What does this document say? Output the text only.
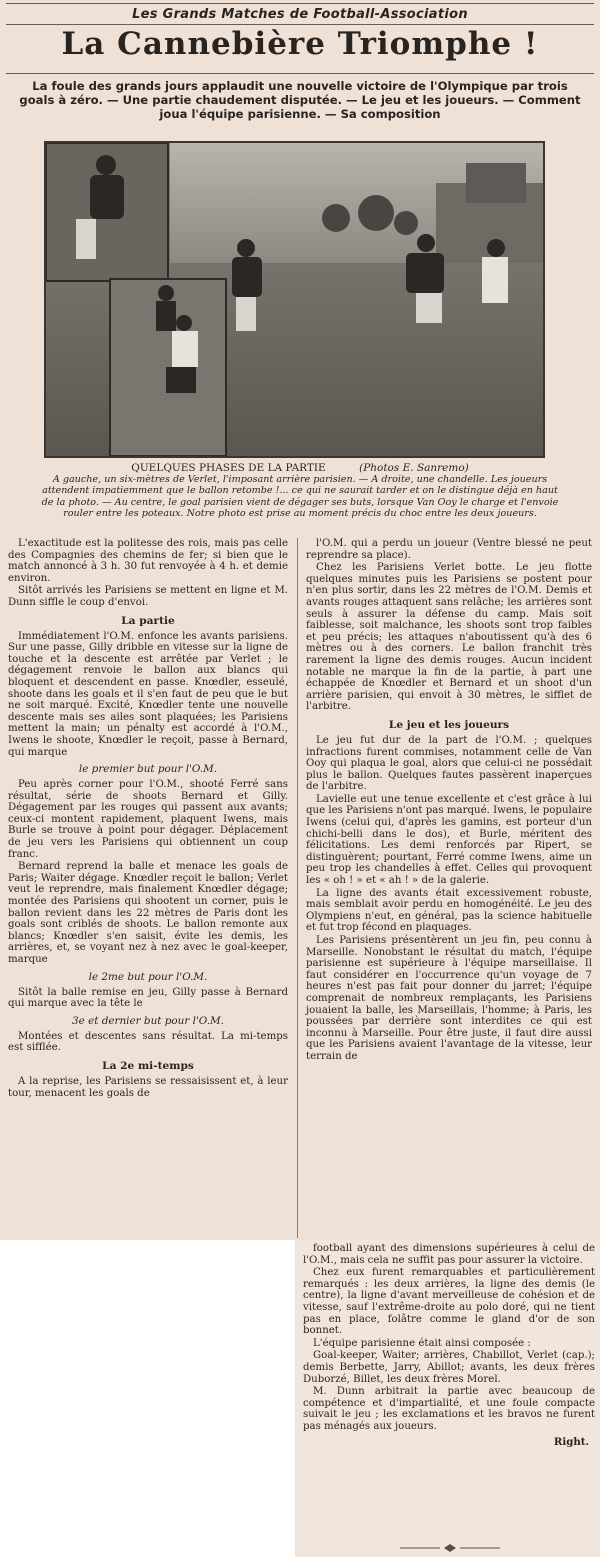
Les Grands Matches de Football-Association
La Cannebière Triomphe !
La foule des grands jours applaudit une nouvelle victoire de l'Olympique par trois goals à zéro. — Une partie chaudement disputée. — Le jeu et les joueurs. — Comment joua l'équipe parisienne. — Sa composition
QUELQUES PHASES DE LA PARTIE	(Photos E. Sanremo)
A gauche, un six-mètres de Verlet, l'imposant arrière parisien. — A droite, une chandelle. Les joueurs attendent impatiemment que le ballon retombe !... ce qui ne saurait tarder et on le distingue déjà en haut de la photo. — Au centre, le goal parisien vient de dégager ses buts, lorsque Van Ooy le charge et l'envoie rouler entre les poteaux. Notre photo est prise au moment précis du choc entre les deux joueurs.

L'exactitude est la politesse des rois, mais pas celle des Compagnies des chemins de fer; si bien que le match annoncé à 3 h. 30 fut renvoyée à 4 h. et demie environ.

Sitôt arrivés les Parisiens se mettent en ligne et M. Dunn siffle le coup d'envoi.

La partie

Immédiatement l'O.M. enfonce les avants parisiens. Sur une passe, Gilly dribble en vitesse sur la ligne de touche et la descente est arrêtée par Verlet ; le dégagement renvoie le ballon aux blancs qui bloquent et descendent en passe. Knœdler, esseulé, shoote dans les goals et il s'en faut de peu que le but ne soit marqué. Excité, Knœdler tente une nouvelle descente mais ses ailes sont plaquées; les Parisiens mettent la main; un pénalty est accordé à l'O.M., Iwens le shoote, Knœdler le reçoit, passe à Bernard, qui marque

le premier but pour l'O.M.

Peu après corner pour l'O.M., shooté Ferré sans résultat, série de shoots Bernard et Gilly. Dégagement par les rouges qui passent aux avants; ceux-ci montent rapidement, plaquent Iwens, mais Burle se trouve à point pour dégager. Déplacement de jeu vers les Parisiens qui obtiennent un coup franc.

Bernard reprend la balle et menace les goals de Paris; Waiter dégage. Knœdler reçoit le ballon; Verlet veut le reprendre, mais finalement Knœdler dégage; montée des Parisiens qui shootent un corner, puis le ballon revient dans les 22 mètres de Paris dont les goals sont criblés de shoots. Le ballon remonte aux blancs; Knœdler s'en saisit, évite les demis, les arrières, et, se voyant nez à nez avec le goal-keeper, marque

le 2me but pour l'O.M.

Sitôt la balle remise en jeu, Gilly passe à Bernard qui marque avec la tête le

3e et dernier but pour l'O.M.

Montées et descentes sans résultat. La mi-temps est sifflée.

La 2e mi-temps

A la reprise, les Parisiens se ressaisissent et, à leur tour, menacent les goals de

l'O.M. qui a perdu un joueur (Ventre blessé ne peut reprendre sa place).

Chez les Parisiens Verlet botte. Le jeu flotte quelques minutes puis les Parisiens se postent pour n'en plus sortir, dans les 22 mètres de l'O.M. Demis et avants rouges attaquent sans relâche; les arrières sont seuls à assurer la défense du camp. Mais soit faiblesse, soit malchance, les shoots sont trop faibles et peu précis; les attaques n'aboutissent qu'à des 6 mètres ou à des corners. Le ballon franchit très rarement la ligne des demis rouges. Aucun incident notable ne marque la fin de la partie, à part une échappée de Knœdler et Bernard et un shoot d'un arrière parisien, qui envoit à 30 mètres, le sifflet de l'arbitre.

Le jeu et les joueurs

Le jeu fut dur de la part de l'O.M. ; quelques infractions furent commises, notamment celle de Van Ooy qui plaqua le goal, alors que celui-ci ne possédait plus le ballon. Quelques fautes passèrent inaperçues de l'arbitre.

Lavielle eut une tenue excellente et c'est grâce à lui que les Parisiens n'ont pas marqué. Iwens, le populaire Iwens (celui qui, d'après les gamins, est porteur d'un chichi-belli dans le dos), et Burle, méritent des félicitations. Les demi renforcés par Ripert, se distinguèrent; pourtant, Ferré comme Iwens, aime un peu trop les chandelles à effet. Celles qui provoquent les « oh ! » et « ah ! » de la galerie.

La ligne des avants était excessivement robuste, mais semblait avoir perdu en homogénéité. Le jeu des Olympiens n'eut, en général, pas la science habituelle et fut trop fécond en plaquages.

Les Parisiens présentèrent un jeu fin, peu connu à Marseille. Nonobstant le résultat du match, l'équipe parisienne est supérieure à l'équipe marseillaise. Il faut considérer en l'occurrence qu'un voyage de 7 heures n'est pas fait pour donner du jarret; l'équipe comprenait de nombreux remplaçants, les Parisiens jouaient la balle, les Marseillais, l'homme; à Paris, les poussées par derrière sont interdites ce qui est inconnu à Marseille. Pour être juste, il faut dire aussi que les Parisiens avaient l'avantage de la vitesse, leur terrain de

football ayant des dimensions supérieures à celui de l'O.M., mais cela ne suffit pas pour assurer la victoire.

Chez eux furent remarquables et particulièrement remarqués : les deux arrières, la ligne des demis (le centre), la ligne d'avant merveilleuse de cohésion et de vitesse, sauf l'extrême-droite au polo doré, qui ne tient pas en place, folâtre comme le gland d'or de son bonnet.

L'équipe parisienne était ainsi composée :

Goal-keeper, Waiter; arrières, Chabillot, Verlet (cap.); demis Berbette, Jarry, Abillot; avants, les deux frères Duborzé, Billet, les deux frères Morel.

M. Dunn arbitrait la partie avec beaucoup de compétence et d'impartialité, et une foule compacte suivait le jeu ; les exclamations et les bravos ne furent pas ménagés aux joueurs.

Right.
